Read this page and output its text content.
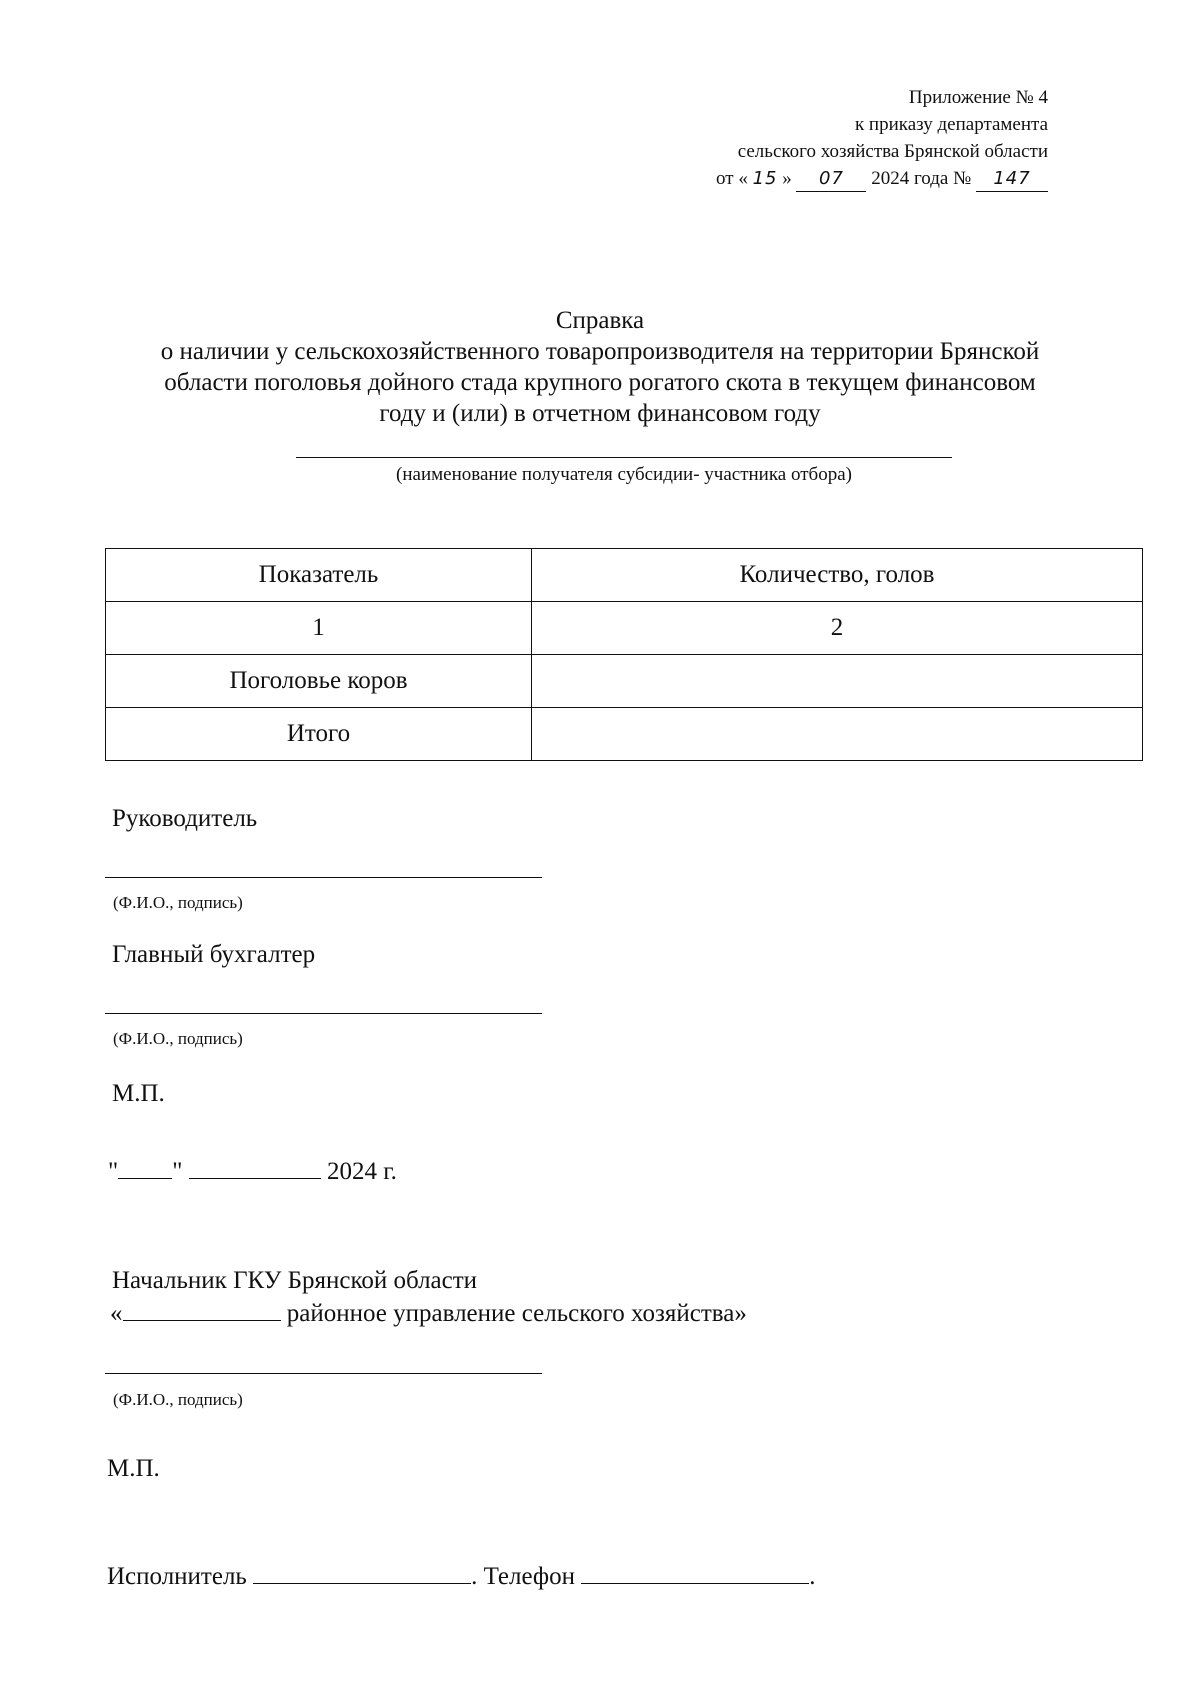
Приложение № 4
к приказу департамента
сельского хозяйства Брянской области
от « 15 » 07 2024 года № 147
Справка
о наличии у сельскохозяйственного товаропроизводителя на территории Брянской
области поголовья дойного стада крупного рогатого скота в текущем финансовом
году и (или) в отчетном финансовом году
(наименование получателя субсидии- участника отбора)
Показатель	Количество, голов
1	2
Поголовье коров	
Итого	
Руководитель
(Ф.И.О., подпись)
Главный бухгалтер
(Ф.И.О., подпись)
М.П.
" "	2024 г.
Начальник ГКУ Брянской области
«	районное управление сельского хозяйства»
(Ф.И.О., подпись)
М.П.
Исполнитель	. Телефон	.
